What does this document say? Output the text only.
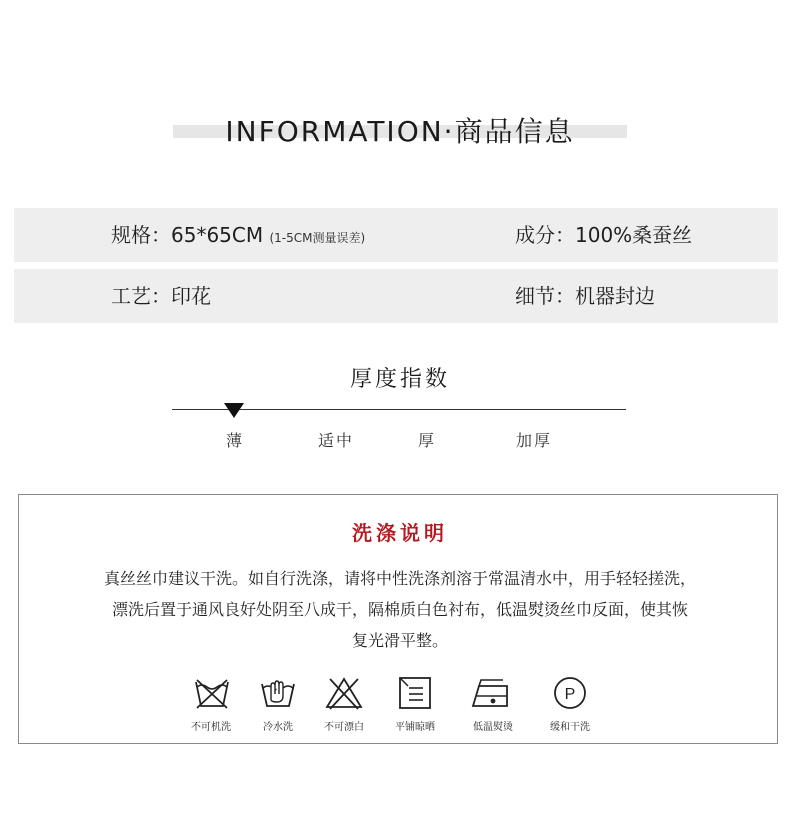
INFORMATION·商品信息
规格：65*65CM (1-5CM测量误差)	成分：100%桑蚕丝
工艺：印花	细节：机器封边
厚度指数
薄	适中	厚	加厚
洗涤说明
真丝丝巾建议干洗。如自行洗涤，请将中性洗涤剂溶于常温清水中，用手轻轻搓洗，
漂洗后置于通风良好处阴至八成干，隔棉质白色衬布，低温熨烫丝巾反面，使其恢
复光滑平整。
P
不可机洗	冷水洗	不可漂白	平铺晾晒	低温熨烫	缓和干洗
